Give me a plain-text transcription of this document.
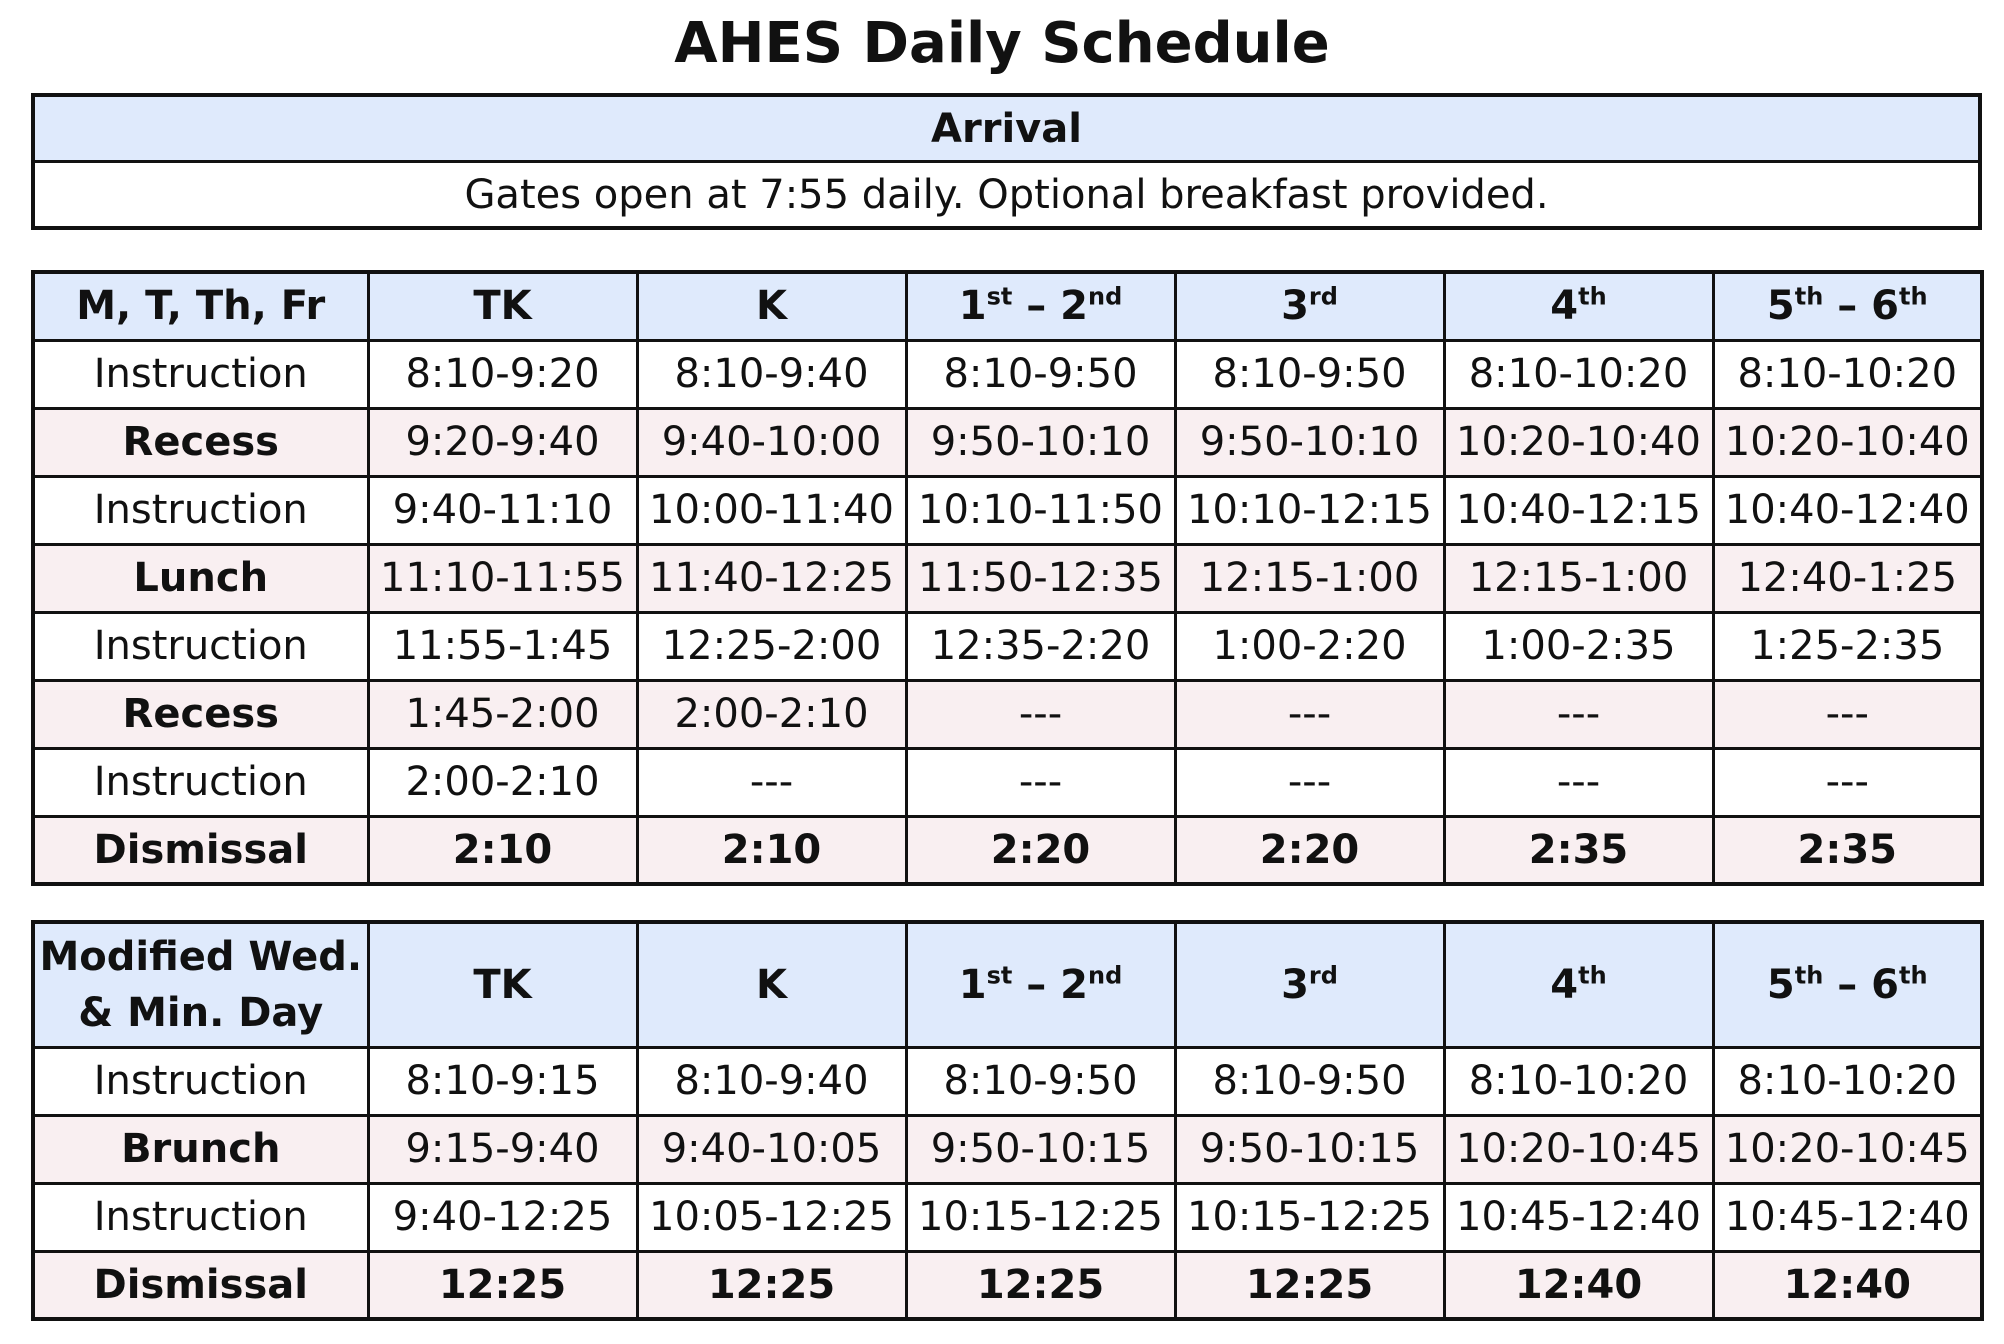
AHES Daily Schedule
Arrival
Gates open at 7:55 daily. Optional breakfast provided.
M, T, Th, Fr	TK	K	1st – 2nd	3rd	4th	5th – 6th
Instruction	8:10-9:20	8:10-9:40	8:10-9:50	8:10-9:50	8:10-10:20	8:10-10:20
Recess	9:20-9:40	9:40-10:00	9:50-10:10	9:50-10:10	10:20-10:40	10:20-10:40
Instruction	9:40-11:10	10:00-11:40	10:10-11:50	10:10-12:15	10:40-12:15	10:40-12:40
Lunch	11:10-11:55	11:40-12:25	11:50-12:35	12:15-1:00	12:15-1:00	12:40-1:25
Instruction	11:55-1:45	12:25-2:00	12:35-2:20	1:00-2:20	1:00-2:35	1:25-2:35
Recess	1:45-2:00	2:00-2:10	---	---	---	---
Instruction	2:00-2:10	---	---	---	---	---
Dismissal	2:10	2:10	2:20	2:20	2:35	2:35
Modified Wed.
& Min. Day	TK	K	1st – 2nd	3rd	4th	5th – 6th
Instruction	8:10-9:15	8:10-9:40	8:10-9:50	8:10-9:50	8:10-10:20	8:10-10:20
Brunch	9:15-9:40	9:40-10:05	9:50-10:15	9:50-10:15	10:20-10:45	10:20-10:45
Instruction	9:40-12:25	10:05-12:25	10:15-12:25	10:15-12:25	10:45-12:40	10:45-12:40
Dismissal	12:25	12:25	12:25	12:25	12:40	12:40
